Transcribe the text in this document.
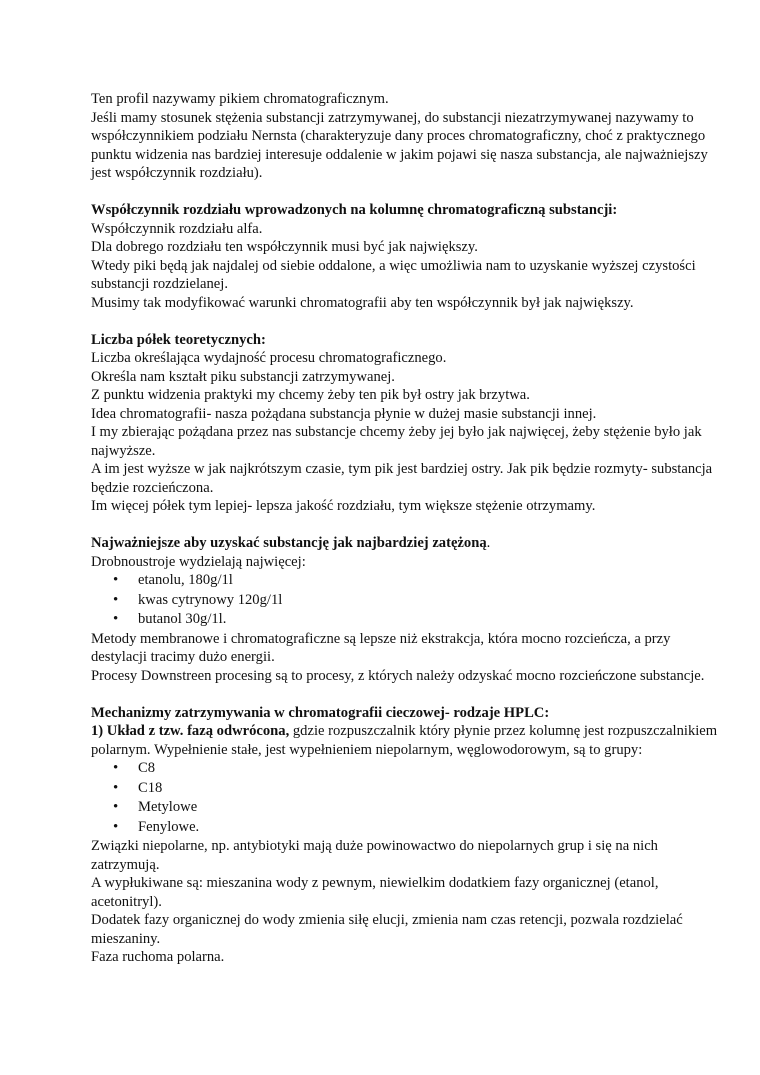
Ten profil nazywamy pikiem chromatograficznym.

Jeśli mamy stosunek stężenia substancji zatrzymywanej, do substancji niezatrzymywanej nazywamy to współczynnikiem podziału Nernsta (charakteryzuje dany proces chromatograficzny, choć z praktycznego punktu widzenia nas bardziej interesuje oddalenie w jakim pojawi się nasza substancja, ale najważniejszy jest współczynnik rozdziału).

Współczynnik rozdziału wprowadzonych na kolumnę chromatograficzną substancji:

Współczynnik rozdziału alfa.

Dla dobrego rozdziału ten współczynnik musi być jak największy.

Wtedy piki będą jak najdalej od siebie oddalone, a więc umożliwia nam to uzyskanie wyższej czystości substancji rozdzielanej.

Musimy tak modyfikować warunki chromatografii aby ten współczynnik był jak największy.

Liczba półek teoretycznych:

Liczba określająca wydajność procesu chromatograficznego.

Określa nam kształt piku substancji zatrzymywanej.

Z punktu widzenia praktyki my chcemy żeby ten pik był ostry jak brzytwa.

Idea chromatografii- nasza pożądana substancja płynie w dużej masie substancji innej.

I my zbierając pożądana przez nas substancje chcemy żeby jej było jak najwięcej, żeby stężenie było jak najwyższe.

A im jest wyższe w jak najkrótszym czasie, tym pik jest bardziej ostry. Jak pik będzie rozmyty- substancja będzie rozcieńczona.

Im więcej półek tym lepiej- lepsza jakość rozdziału, tym większe stężenie otrzymamy.

Najważniejsze aby uzyskać substancję jak najbardziej zatężoną.

Drobnoustroje wydzielają najwięcej:

• etanolu, 180g/1l
• kwas cytrynowy 120g/1l
• butanol 30g/1l.

Metody membranowe i chromatograficzne są lepsze niż ekstrakcja, która mocno rozcieńcza, a przy destylacji tracimy dużo energii.

Procesy Downstreen procesing są to procesy, z których należy odzyskać mocno rozcieńczone substancje.

Mechanizmy zatrzymywania w chromatografii cieczowej- rodzaje HPLC:

1) Układ z tzw. fazą odwrócona, gdzie rozpuszczalnik który płynie przez kolumnę jest rozpuszczalnikiem polarnym. Wypełnienie stałe, jest wypełnieniem niepolarnym, węglowodorowym, są to grupy:

• C8
• C18
• Metylowe
• Fenylowe.

Związki niepolarne, np. antybiotyki mają duże powinowactwo do niepolarnych grup i się na nich zatrzymują.

A wypłukiwane są: mieszanina wody z pewnym, niewielkim dodatkiem fazy organicznej (etanol, acetonitryl).

Dodatek fazy organicznej do wody zmienia siłę elucji, zmienia nam czas retencji, pozwala rozdzielać mieszaniny.

Faza ruchoma polarna.
